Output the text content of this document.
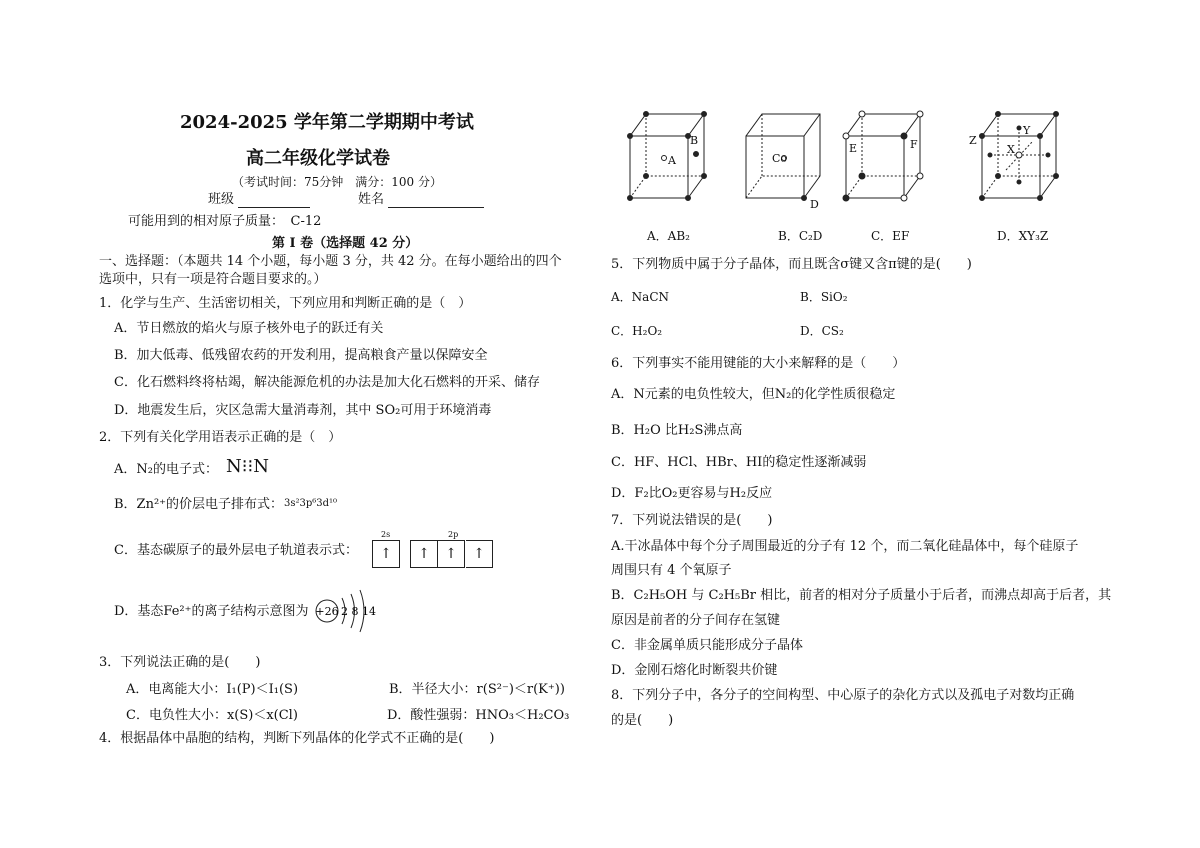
2024-2025 学年第二学期期中考试
高二年级化学试卷
（考试时间：75分钟　满分：100 分）
班级	姓名
可能用到的相对原子质量：　C-12
第 I 卷（选择题 42 分）
一、选择题：（本题共 14 个小题，每小题 3 分，共 42 分。在每小题给出的四个
选项中，只有一项是符合题目要求的。）
1．化学与生产、生活密切相关，下列应用和判断正确的是（　）
A．节日燃放的焰火与原子核外电子的跃迁有关
B．加大低毒、低残留农药的开发利用，提高粮食产量以保障安全
C．化石燃料终将枯竭，解决能源危机的办法是加大化石燃料的开采、储存
D．地震发生后，灾区急需大量消毒剂，其中 SO₂可用于环境消毒
2．下列有关化学用语表示正确的是（　）
A．N₂的电子式： N⁝⁝N
B．Zn²⁺的价层电子排布式： 3s²3p⁶3d¹⁰
C．基态碳原子的最外层电子轨道表示式：
2s	2p
↑	↑	↑	↑
D．基态Fe²⁺的离子结构示意图为 +26 2 8 14
3．下列说法正确的是(　　)
A．电离能大小：I₁(P)＜I₁(S)	B．半径大小：r(S²⁻)＜r(K⁺))
C．电负性大小：x(S)＜x(Cl)	D．酸性强弱：HNO₃＜H₂CO₃
4．根据晶体中晶胞的结构，判断下列晶体的化学式不正确的是(　　)
A
B
Co
D
E	F	Z
Y
X
A．AB₂	B．C₂D	C．EF	D．XY₃Z
5．下列物质中属于分子晶体，而且既含σ键又含π键的是(　　)
A．NaCN	B．SiO₂
C．H₂O₂	D．CS₂
6．下列事实不能用键能的大小来解释的是（　　）
A．N元素的电负性较大，但N₂的化学性质很稳定
B．H₂O 比H₂S沸点高
C．HF、HCl、HBr、HI的稳定性逐渐减弱
D．F₂比O₂更容易与H₂反应
7．下列说法错误的是(　　)
A.干冰晶体中每个分子周围最近的分子有 12 个，而二氧化硅晶体中，每个硅原子
周围只有 4 个氧原子
B．C₂H₅OH 与 C₂H₅Br 相比，前者的相对分子质量小于后者，而沸点却高于后者，其
原因是前者的分子间存在氢键
C．非金属单质只能形成分子晶体
D．金刚石熔化时断裂共价键
8．下列分子中，各分子的空间构型、中心原子的杂化方式以及孤电子对数均正确
的是(　　)
